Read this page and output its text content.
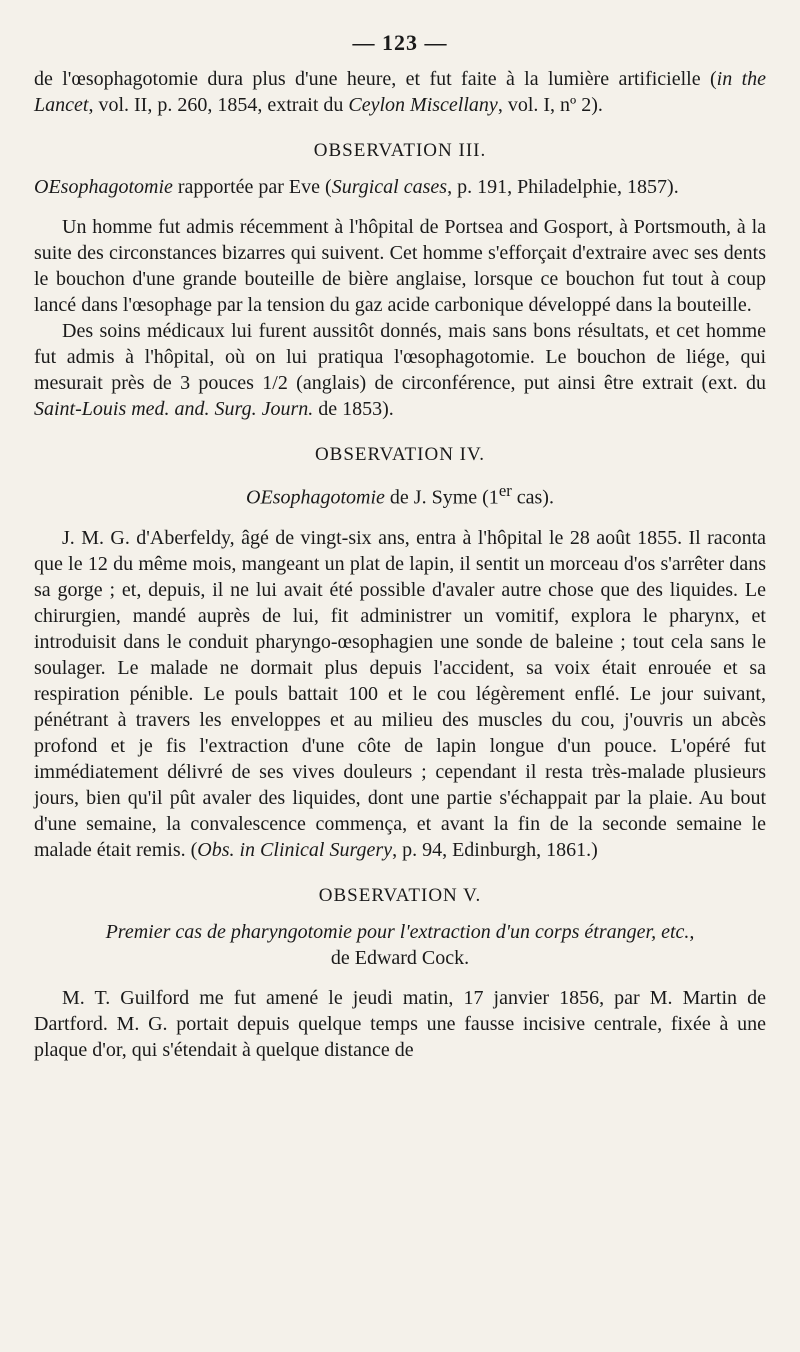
— 123 —

de l'œsophagotomie dura plus d'une heure, et fut faite à la lumière artificielle (in the Lancet, vol. II, p. 260, 1854, extrait du Ceylon Miscellany, vol. I, nº 2).

OBSERVATION III.
OEsophagotomie rapportée par Eve (Surgical cases, p. 191, Philadelphie, 1857).

Un homme fut admis récemment à l'hôpital de Portsea and Gosport, à Portsmouth, à la suite des circonstances bizarres qui suivent. Cet homme s'efforçait d'extraire avec ses dents le bouchon d'une grande bouteille de bière anglaise, lorsque ce bouchon fut tout à coup lancé dans l'œsophage par la tension du gaz acide carbonique développé dans la bouteille.

Des soins médicaux lui furent aussitôt donnés, mais sans bons résultats, et cet homme fut admis à l'hôpital, où on lui pratiqua l'œsophagotomie. Le bouchon de liége, qui mesurait près de 3 pouces 1/2 (anglais) de circonférence, put ainsi être extrait (ext. du Saint-Louis med. and. Surg. Journ. de 1853).

OBSERVATION IV.
OEsophagotomie de J. Syme (1er cas).

J. M. G. d'Aberfeldy, âgé de vingt-six ans, entra à l'hôpital le 28 août 1855. Il raconta que le 12 du même mois, mangeant un plat de lapin, il sentit un morceau d'os s'arrêter dans sa gorge ; et, depuis, il ne lui avait été possible d'avaler autre chose que des liquides. Le chirurgien, mandé auprès de lui, fit administrer un vomitif, explora le pharynx, et introduisit dans le conduit pharyngo-œsophagien une sonde de baleine ; tout cela sans le soulager. Le malade ne dormait plus depuis l'accident, sa voix était enrouée et sa respiration pénible. Le pouls battait 100 et le cou légèrement enflé. Le jour suivant, pénétrant à travers les enveloppes et au milieu des muscles du cou, j'ouvris un abcès profond et je fis l'extraction d'une côte de lapin longue d'un pouce. L'opéré fut immédiatement délivré de ses vives douleurs ; cependant il resta très-malade plusieurs jours, bien qu'il pût avaler des liquides, dont une partie s'échappait par la plaie. Au bout d'une semaine, la convalescence commença, et avant la fin de la seconde semaine le malade était remis. (Obs. in Clinical Surgery, p. 94, Edinburgh, 1861.)

OBSERVATION V.
Premier cas de pharyngotomie pour l'extraction d'un corps étranger, etc.,
de Edward Cock.

M. T. Guilford me fut amené le jeudi matin, 17 janvier 1856, par M. Martin de Dartford. M. G. portait depuis quelque temps une fausse incisive centrale, fixée à une plaque d'or, qui s'étendait à quelque distance de
